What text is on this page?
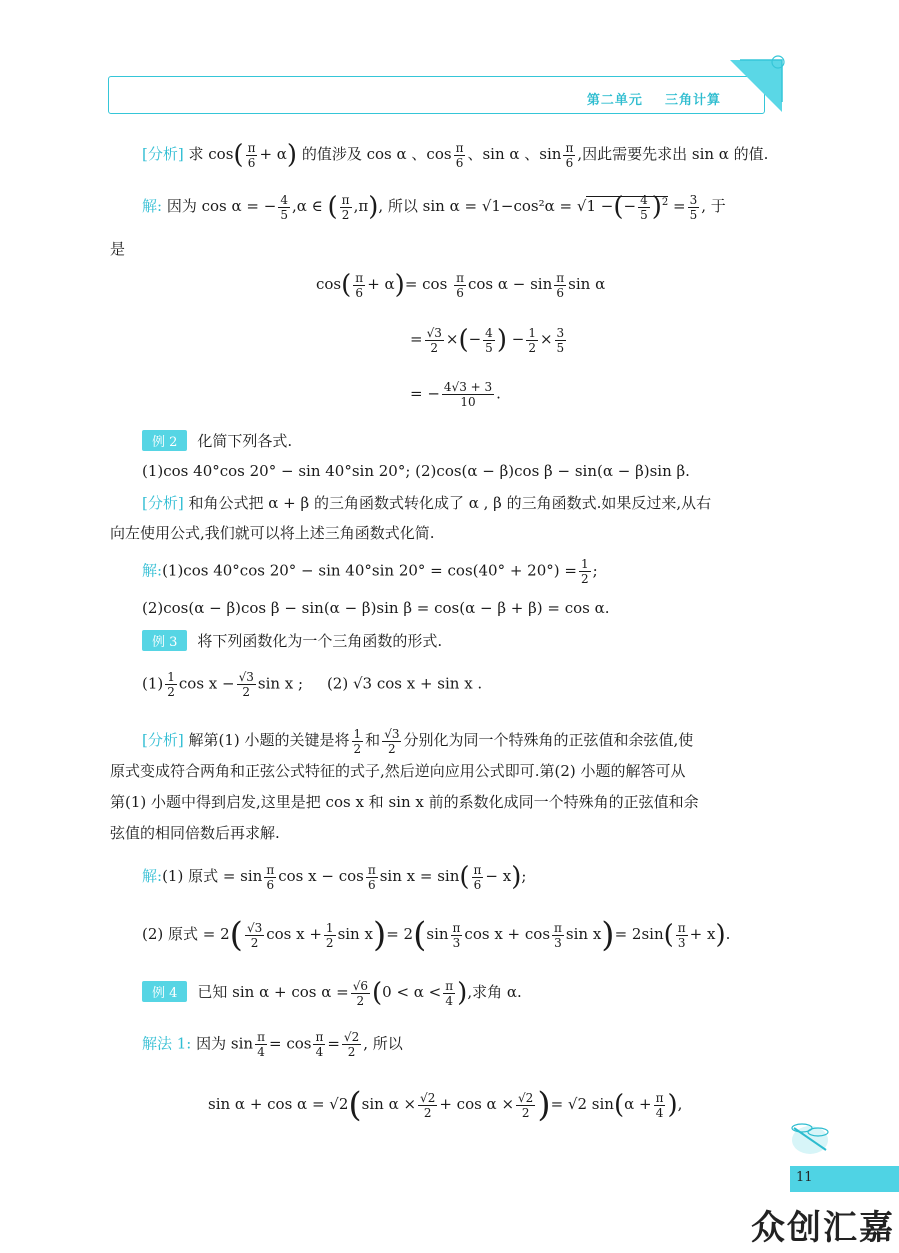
第二单元 三角计算
[分析] 求 $\cos( \frac{\pi}{6} + \alpha)$ 的值涉及 cos α 、$\cos \frac{\pi}{6}$ 、sin α 、$\sin \frac{\pi}{6}$ ,因此需要先求出 sin α 的值.
解: 因为 cos α = − $\frac{4}{5} ,\alpha$ ∈ ( $\frac{\pi}{2} ,\pi$), 所以 sin α = √1−cos²α = √1 −(− $\frac{4}{5} )^2 = \frac{3}{5}$ , 于
是
$\cos( \frac{\pi}{6} + \alpha)= \cos \frac{\pi}{6}$ $\cos \alpha - \sin \frac{\pi}{6}$ sin α
= $\frac{√3}{2}$ ×(− $\frac{4}{5}$ ) − $\frac{1}{2} \times \frac{3}{5}$
= − $\frac{4√3 + 3}{10}$ .
例 2 化简下列各式.
(1)cos 40°cos 20° − sin 40°sin 20°; (2)cos(α − β)cos β − sin(α − β)sin β.
[分析] 和角公式把 α + β 的三角函数式转化成了 α , β 的三角函数式.如果反过来,从右
向左使用公式,我们就可以将上述三角函数式化简.
解:(1)cos 40°cos 20° − sin 40°sin $20^\circ = \cos(40^\circ + 20^\circ) = \frac{1}{2}$ ;
(2)cos(α − β)cos β − sin(α − β)sin β = cos(α − β + β) = cos α.
例 3 将下列函数化为一个三角函数的形式.
$(1) \frac{1}{2}$ $\cos x - \frac{√3}{2}$ sin x ; (2) √3 cos x + sin x .
[分析] 解第(1) 小题的关键是将 $\frac{1}{2}$ 和 $\frac{√3}{2}$ 分别化为同一个特殊角的正弦值和余弦值,使
原式变成符合两角和正弦公式特征的式子,然后逆向应用公式即可.第(2) 小题的解答可从
第(1) 小题中得到启发,这里是把 cos x 和 sin x 前的系数化成同一个特殊角的正弦值和余
弦值的相同倍数后再求解.
解:(1) 原式 = $\sin \frac{\pi}{6}$ $\cos x - \cos \frac{\pi}{6}$ $\sin x = \sin( \frac{\pi}{6} - x)$;
(2) 原式 = $2( \frac{√3}{2}$ $\cos x + \frac{1}{2}$ $\sin x)= 2(\sin \frac{\pi}{3}$ $\cos x + \cos \frac{\pi}{3}$ $\sin x)= 2\sin( \frac{\pi}{3} + x)$.
例 4 已知 $\sin \alpha + \cos \alpha = \frac{√6}{2} (0 < \alpha < \frac{\pi}{4}$ ),求角 α.
解法 1: 因为 $\sin \frac{\pi}{4} = \cos \frac{\pi}{4} = \frac{√2}{2}$ , 所以
sin α + cos α = √2(sin $\alpha \times \frac{√2}{2} + \cos \alpha \times \frac{√2}{2}$ )= √2 $\sin(\alpha + \frac{\pi}{4}$ ),
11
众创汇嘉
